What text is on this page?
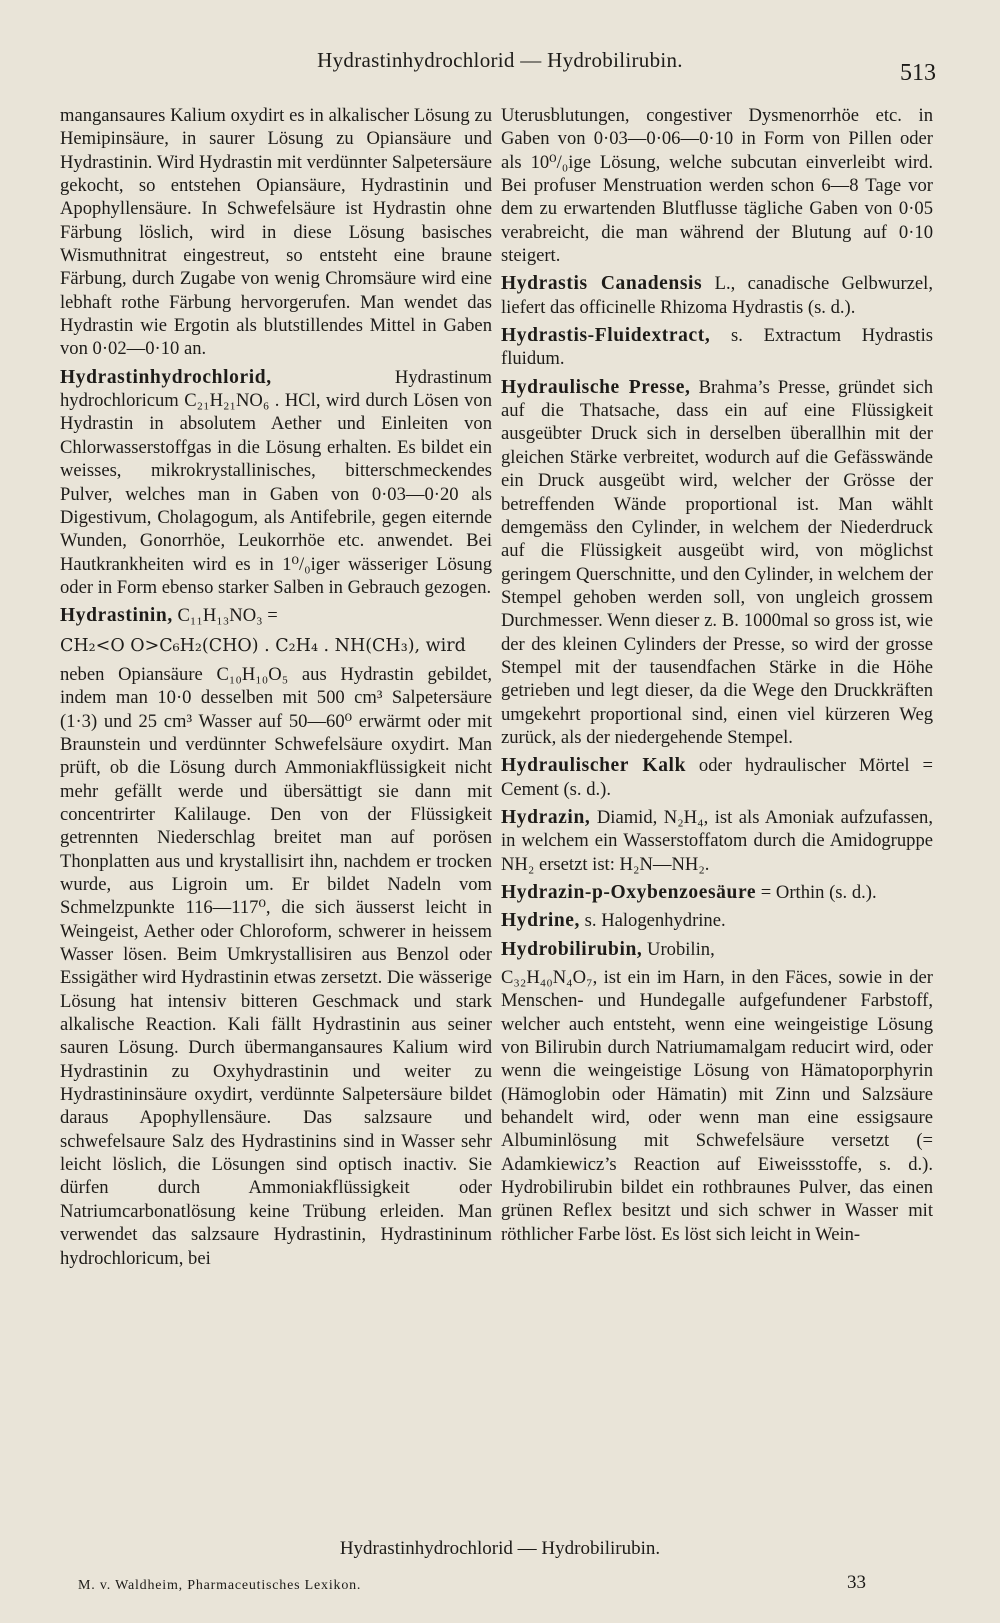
Hydrastinhydrochlorid — Hydrobilirubin.	513

mangansaures Kalium oxydirt es in alkalischer Lösung zu Hemipinsäure, in saurer Lösung zu Opiansäure und Hydrastinin. Wird Hydrastin mit verdünnter Salpetersäure gekocht, so entstehen Opiansäure, Hydrastinin und Apophyllensäure. In Schwefelsäure ist Hydrastin ohne Färbung löslich, wird in diese Lösung basisches Wismuthnitrat eingestreut, so entsteht eine braune Färbung, durch Zugabe von wenig Chromsäure wird eine lebhaft rothe Färbung hervorgerufen. Man wendet das Hydrastin wie Ergotin als blutstillendes Mittel in Gaben von 0·02—0·10 an.

Hydrastinhydrochlorid, Hydrastinum hydrochloricum C₂₁H₂₁NO₆ . HCl, wird durch Lösen von Hydrastin in absolutem Aether und Einleiten von Chlorwasserstoffgas in die Lösung erhalten. Es bildet ein weisses, mikrokrystallinisches, bitterschmeckendes Pulver, welches man in Gaben von 0·03—0·20 als Digestivum, Cholagogum, als Antifebrile, gegen eiternde Wunden, Gonorrhöe, Leukorrhöe etc. anwendet. Bei Hautkrankheiten wird es in 1⁰/₀iger wässeriger Lösung oder in Form ebenso starker Salben in Gebrauch gezogen.

Hydrastinin, C₁₁H₁₃NO₃ =

CH₂<O O>C₆H₂(CHO) . C₂H₄ . NH(CH₃), wird

neben Opiansäure C₁₀H₁₀O₅ aus Hydrastin gebildet, indem man 10·0 desselben mit 500 cm³ Salpetersäure (1·3) und 25 cm³ Wasser auf 50—60⁰ erwärmt oder mit Braunstein und verdünnter Schwefelsäure oxydirt. Man prüft, ob die Lösung durch Ammoniakflüssigkeit nicht mehr gefällt werde und übersättigt sie dann mit concentrirter Kalilauge. Den von der Flüssigkeit getrennten Niederschlag breitet man auf porösen Thonplatten aus und krystallisirt ihn, nachdem er trocken wurde, aus Ligroin um. Er bildet Nadeln vom Schmelzpunkte 116—117⁰, die sich äusserst leicht in Weingeist, Aether oder Chloroform, schwerer in heissem Wasser lösen. Beim Umkrystallisiren aus Benzol oder Essigäther wird Hydrastinin etwas zersetzt. Die wässerige Lösung hat intensiv bitteren Geschmack und stark alkalische Reaction. Kali fällt Hydrastinin aus seiner sauren Lösung. Durch übermangansaures Kalium wird Hydrastinin zu Oxyhydrastinin und weiter zu Hydrastininsäure oxydirt, verdünnte Salpetersäure bildet daraus Apophyllensäure. Das salzsaure und schwefelsaure Salz des Hydrastinins sind in Wasser sehr leicht löslich, die Lösungen sind optisch inactiv. Sie dürfen durch Ammoniakflüssigkeit oder Natriumcarbonatlösung keine Trübung erleiden. Man verwendet das salzsaure Hydrastinin, Hydrastininum hydrochloricum, bei

Uterusblutungen, congestiver Dysmenorrhöe etc. in Gaben von 0·03—0·06—0·10 in Form von Pillen oder als 10⁰/₀ige Lösung, welche subcutan einverleibt wird. Bei profuser Menstruation werden schon 6—8 Tage vor dem zu erwartenden Blutflusse tägliche Gaben von 0·05 verabreicht, die man während der Blutung auf 0·10 steigert.

Hydrastis Canadensis L., canadische Gelbwurzel, liefert das officinelle Rhizoma Hydrastis (s. d.).

Hydrastis-Fluidextract, s. Extractum Hydrastis fluidum.

Hydraulische Presse, Brahma’s Presse, gründet sich auf die Thatsache, dass ein auf eine Flüssigkeit ausgeübter Druck sich in derselben überallhin mit der gleichen Stärke verbreitet, wodurch auf die Gefässwände ein Druck ausgeübt wird, welcher der Grösse der betreffenden Wände proportional ist. Man wählt demgemäss den Cylinder, in welchem der Niederdruck auf die Flüssigkeit ausgeübt wird, von möglichst geringem Querschnitte, und den Cylinder, in welchem der Stempel gehoben werden soll, von ungleich grossem Durchmesser. Wenn dieser z. B. 1000mal so gross ist, wie der des kleinen Cylinders der Presse, so wird der grosse Stempel mit der tausendfachen Stärke in die Höhe getrieben und legt dieser, da die Wege den Druckkräften umgekehrt proportional sind, einen viel kürzeren Weg zurück, als der niedergehende Stempel.

Hydraulischer Kalk oder hydraulischer Mörtel = Cement (s. d.).

Hydrazin, Diamid, N₂H₄, ist als Amoniak aufzufassen, in welchem ein Wasserstoffatom durch die Amidogruppe NH₂ ersetzt ist: H₂N—NH₂.

Hydrazin-p-Oxybenzoesäure = Orthin (s. d.).

Hydrine, s. Halogenhydrine.

Hydrobilirubin, Urobilin,

C₃₂H₄₀N₄O₇, ist ein im Harn, in den Fäces, sowie in der Menschen- und Hundegalle aufgefundener Farbstoff, welcher auch entsteht, wenn eine weingeistige Lösung von Bilirubin durch Natriumamalgam reducirt wird, oder wenn die weingeistige Lösung von Hämatoporphyrin (Hämoglobin oder Hämatin) mit Zinn und Salzsäure behandelt wird, oder wenn man eine essigsaure Albuminlösung mit Schwefelsäure versetzt (= Adamkiewicz’s Reaction auf Eiweissstoffe, s. d.). Hydrobilirubin bildet ein rothbraunes Pulver, das einen grünen Reflex besitzt und sich schwer in Wasser mit röthlicher Farbe löst. Es löst sich leicht in Wein-

Hydrastinhydrochlorid — Hydrobilirubin.
M. v. Waldheim, Pharmaceutisches Lexikon.	33
